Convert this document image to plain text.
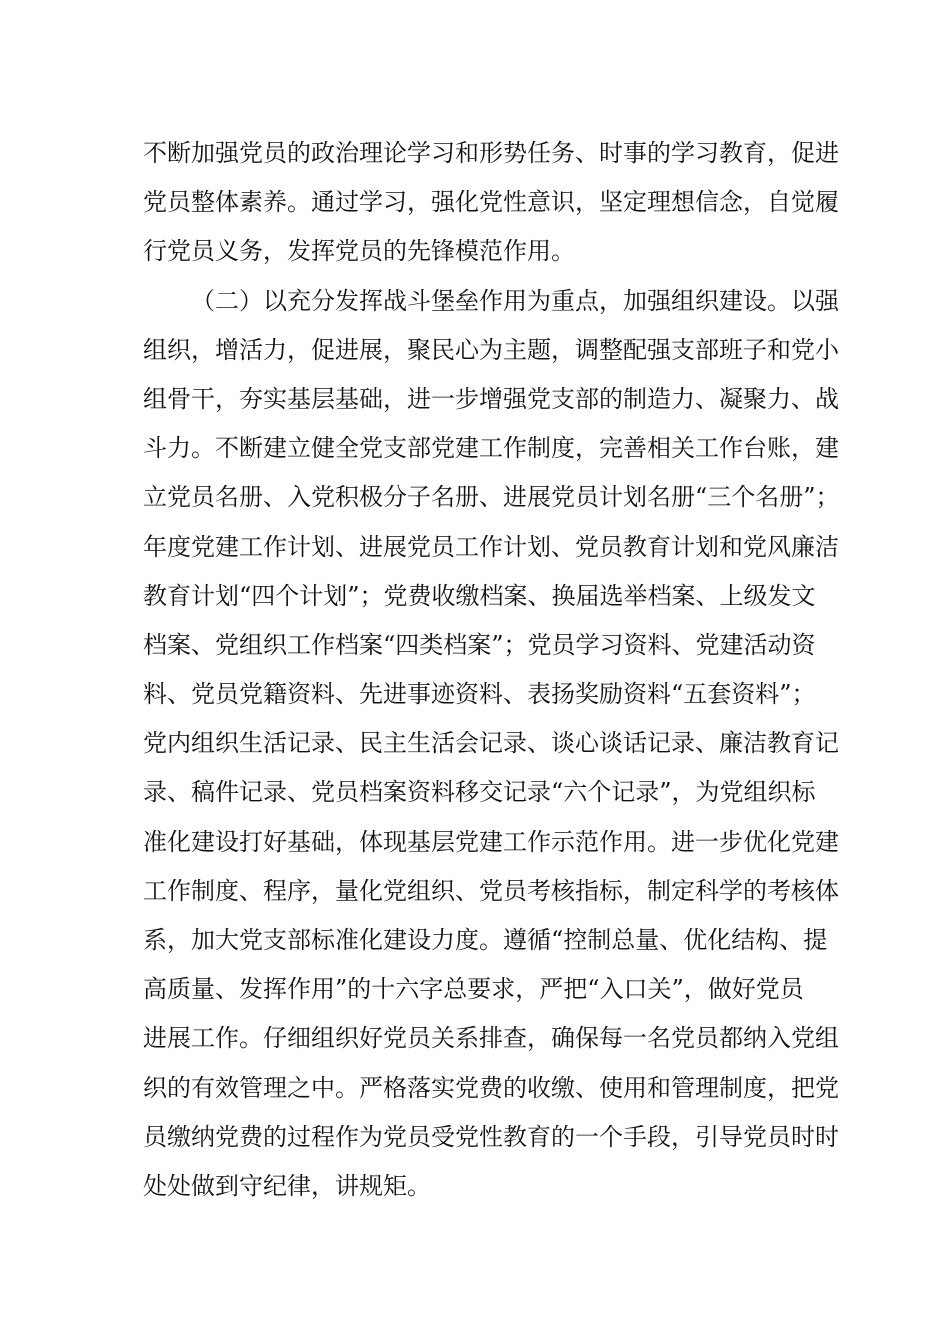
不断加强党员的政治理论学习和形势任务、时事的学习教育，促进
党员整体素养。通过学习，强化党性意识，坚定理想信念，自觉履
行党员义务，发挥党员的先锋模范作用。
（二）以充分发挥战斗堡垒作用为重点，加强组织建设。以强
组织，增活力，促进展，聚民心为主题，调整配强支部班子和党小
组骨干，夯实基层基础，进一步增强党支部的制造力、凝聚力、战
斗力。不断建立健全党支部党建工作制度，完善相关工作台账，建
立党员名册、入党积极分子名册、进展党员计划名册“三个名册”；
年度党建工作计划、进展党员工作计划、党员教育计划和党风廉洁
教育计划“四个计划”；党费收缴档案、换届选举档案、上级发文
档案、党组织工作档案“四类档案”；党员学习资料、党建活动资
料、党员党籍资料、先进事迹资料、表扬奖励资料“五套资料”；
党内组织生活记录、民主生活会记录、谈心谈话记录、廉洁教育记
录、稿件记录、党员档案资料移交记录“六个记录”，为党组织标
准化建设打好基础，体现基层党建工作示范作用。进一步优化党建
工作制度、程序，量化党组织、党员考核指标，制定科学的考核体
系，加大党支部标准化建设力度。遵循“控制总量、优化结构、提
高质量、发挥作用”的十六字总要求，严把“入口关”，做好党员
进展工作。仔细组织好党员关系排查，确保每一名党员都纳入党组
织的有效管理之中。严格落实党费的收缴、使用和管理制度，把党
员缴纳党费的过程作为党员受党性教育的一个手段，引导党员时时
处处做到守纪律，讲规矩。
